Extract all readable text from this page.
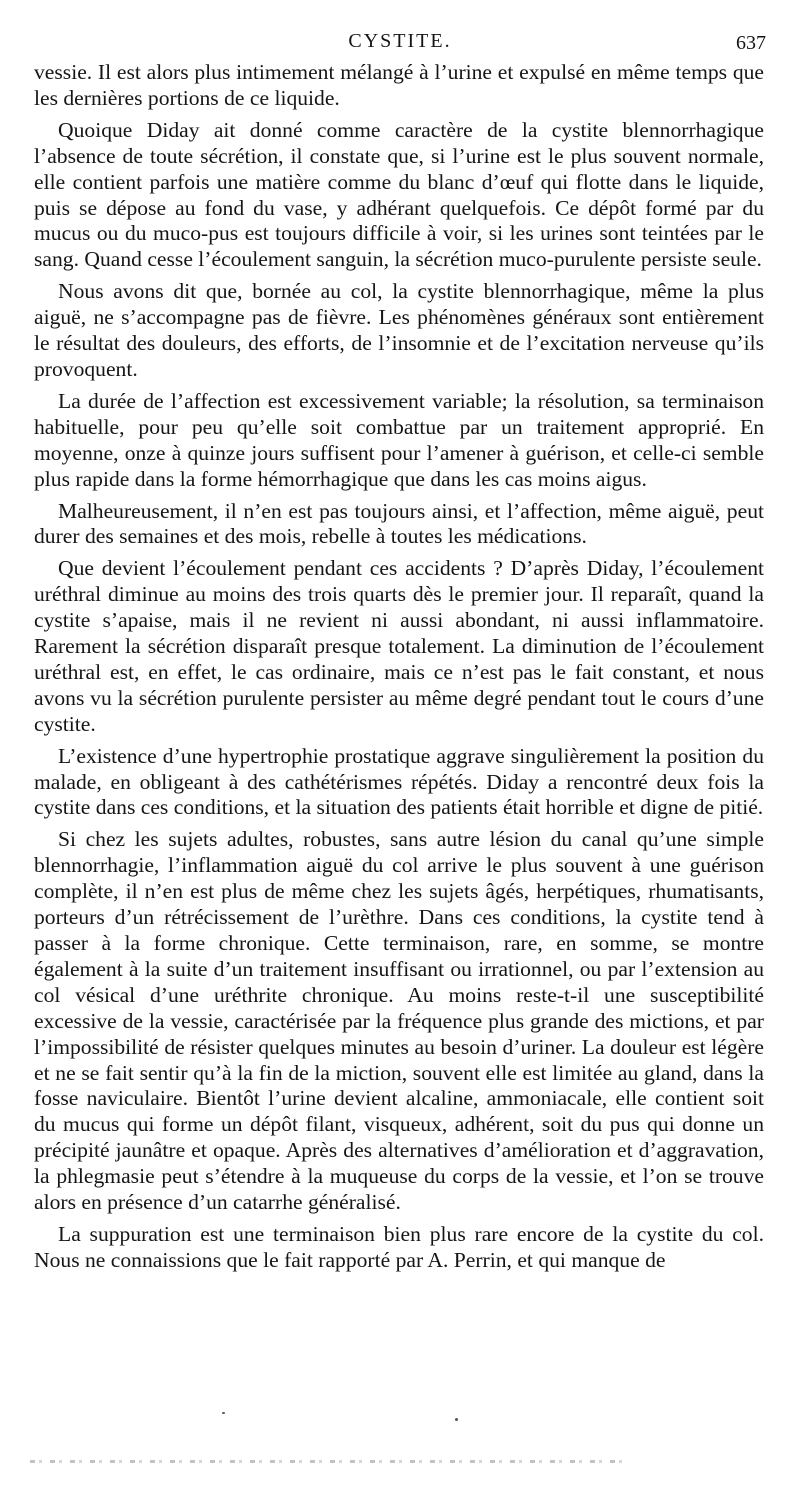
CYSTITE.	637

vessie. Il est alors plus intimement mélangé à l’urine et expulsé en même temps que les dernières portions de ce liquide.

Quoique Diday ait donné comme caractère de la cystite blennorrhagique l’absence de toute sécrétion, il constate que, si l’urine est le plus souvent normale, elle contient parfois une matière comme du blanc d’œuf qui flotte dans le liquide, puis se dépose au fond du vase, y adhérant quelquefois. Ce dépôt formé par du mucus ou du muco-pus est toujours difficile à voir, si les urines sont teintées par le sang. Quand cesse l’écoulement sanguin, la sécrétion muco-purulente persiste seule.

Nous avons dit que, bornée au col, la cystite blennorrhagique, même la plus aiguë, ne s’accompagne pas de fièvre. Les phénomènes généraux sont entièrement le résultat des douleurs, des efforts, de l’insomnie et de l’excitation nerveuse qu’ils provoquent.

La durée de l’affection est excessivement variable; la résolution, sa terminaison habituelle, pour peu qu’elle soit combattue par un traitement approprié. En moyenne, onze à quinze jours suffisent pour l’amener à guérison, et celle-ci semble plus rapide dans la forme hémorrhagique que dans les cas moins aigus.

Malheureusement, il n’en est pas toujours ainsi, et l’affection, même aiguë, peut durer des semaines et des mois, rebelle à toutes les médications.

Que devient l’écoulement pendant ces accidents ? D’après Diday, l’écoulement uréthral diminue au moins des trois quarts dès le premier jour. Il reparaît, quand la cystite s’apaise, mais il ne revient ni aussi abondant, ni aussi inflammatoire. Rarement la sécrétion disparaît presque totalement. La diminution de l’écoulement uréthral est, en effet, le cas ordinaire, mais ce n’est pas le fait constant, et nous avons vu la sécrétion purulente persister au même degré pendant tout le cours d’une cystite.

L’existence d’une hypertrophie prostatique aggrave singulièrement la position du malade, en obligeant à des cathétérismes répétés. Diday a rencontré deux fois la cystite dans ces conditions, et la situation des patients était horrible et digne de pitié.

Si chez les sujets adultes, robustes, sans autre lésion du canal qu’une simple blennorrhagie, l’inflammation aiguë du col arrive le plus souvent à une guérison complète, il n’en est plus de même chez les sujets âgés, herpétiques, rhumatisants, porteurs d’un rétrécissement de l’urèthre. Dans ces conditions, la cystite tend à passer à la forme chronique. Cette terminaison, rare, en somme, se montre également à la suite d’un traitement insuffisant ou irrationnel, ou par l’extension au col vésical d’une uréthrite chronique. Au moins reste-t-il une susceptibilité excessive de la vessie, caractérisée par la fréquence plus grande des mictions, et par l’impossibilité de résister quelques minutes au besoin d’uriner. La douleur est légère et ne se fait sentir qu’à la fin de la miction, souvent elle est limitée au gland, dans la fosse naviculaire. Bientôt l’urine devient alcaline, ammoniacale, elle contient soit du mucus qui forme un dépôt filant, visqueux, adhérent, soit du pus qui donne un précipité jaunâtre et opaque. Après des alternatives d’amélioration et d’aggravation, la phlegmasie peut s’étendre à la muqueuse du corps de la vessie, et l’on se trouve alors en présence d’un catarrhe généralisé.

La suppuration est une terminaison bien plus rare encore de la cystite du col. Nous ne connaissions que le fait rapporté par A. Perrin, et qui manque de
